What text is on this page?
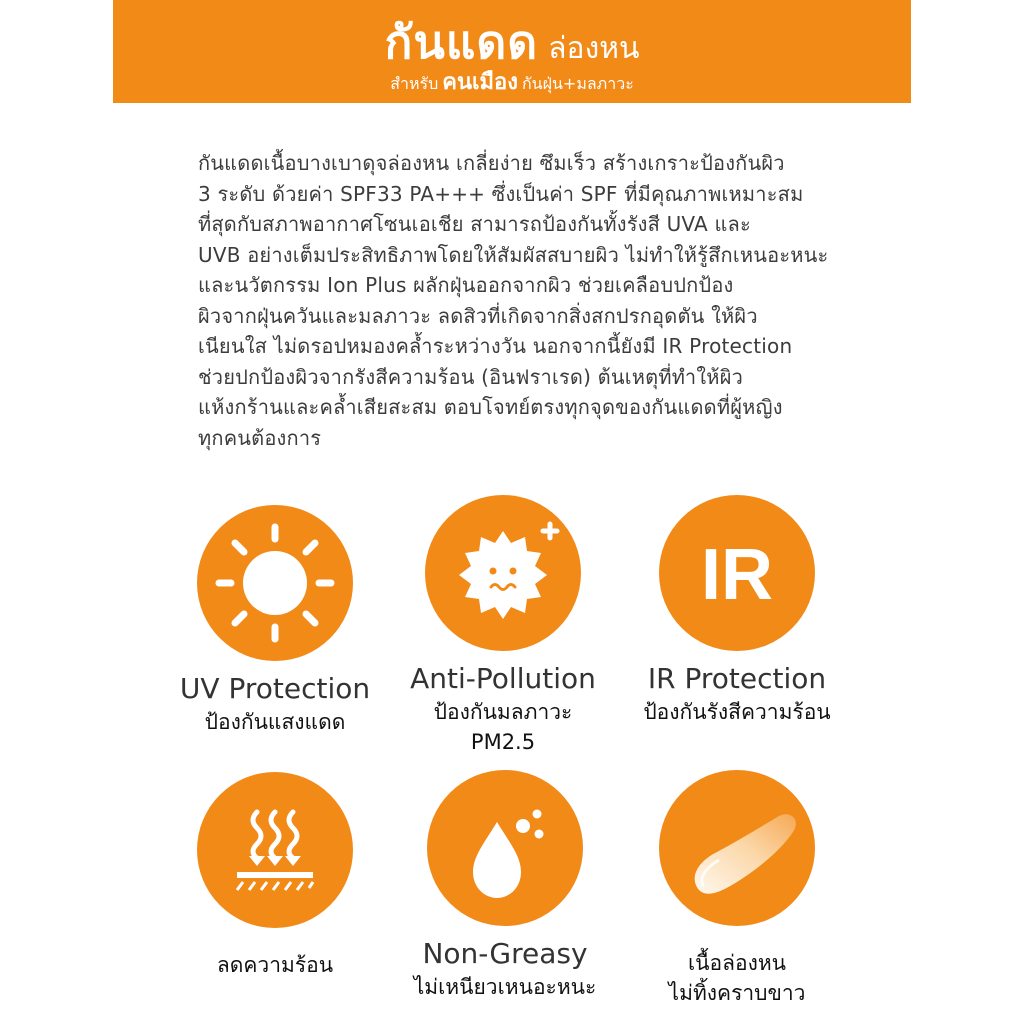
กันแดด ล่องหน
สำหรับ คนเมือง กันฝุ่น+มลภาวะ
กันแดดเนื้อบางเบาดุจล่องหน เกลี่ยง่าย ซึมเร็ว สร้างเกราะป้องกันผิว
3 ระดับ ด้วยค่า SPF33 PA+++ ซึ่งเป็นค่า SPF ที่มีคุณภาพเหมาะสม
ที่สุดกับสภาพอากาศโซนเอเชีย สามารถป้องกันทั้งรังสี UVA และ
UVB อย่างเต็มประสิทธิภาพโดยให้สัมผัสสบายผิว ไม่ทำให้รู้สึกเหนอะหนะ
และนวัตกรรม Ion Plus ผลักฝุ่นออกจากผิว ช่วยเคลือบปกป้อง
ผิวจากฝุ่นควันและมลภาวะ ลดสิวที่เกิดจากสิ่งสกปรกอุดตัน ให้ผิว
เนียนใส ไม่ดรอปหมองคล้ำระหว่างวัน นอกจากนี้ยังมี IR Protection
ช่วยปกป้องผิวจากรังสีความร้อน (อินฟราเรด) ต้นเหตุที่ทำให้ผิว
แห้งกร้านและคล้ำเสียสะสม ตอบโจทย์ตรงทุกจุดของกันแดดที่ผู้หญิง
ทุกคนต้องการ
UV Protection
ป้องกันแสงแดด
Anti-Pollution
ป้องกันมลภาวะ
PM2.5
IR
IR Protection
ป้องกันรังสีความร้อน
ลดความร้อน	Non-Greasy
ไม่เหนียวเหนอะหนะ
เนื้อล่องหน
ไม่ทิ้งคราบขาว
